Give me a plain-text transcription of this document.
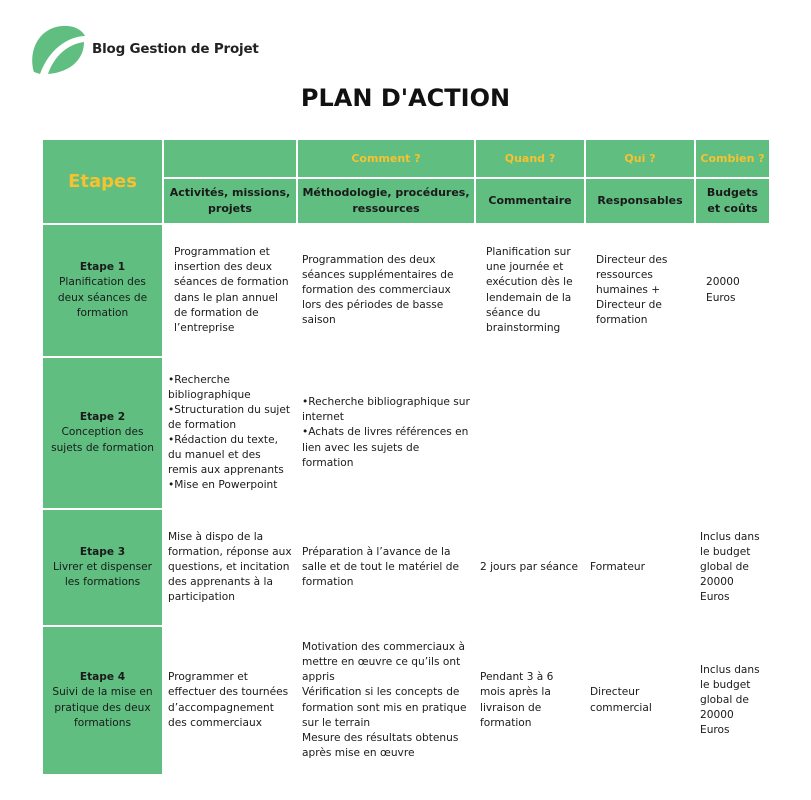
Blog Gestion de Projet
PLAN D'ACTION
Etapes		Comment ?	Quand ?	Qui ?	Combien ?
	Activités, missions, projets	Méthodologie, procédures, ressources	Commentaire	Responsables	Budgets et coûts

Etape 1
Planification des deux séances de formation	Programmation et insertion des deux séances de formation dans le plan annuel de formation de l’entreprise	Programmation des deux séances supplémentaires de formation des commerciaux lors des périodes de basse saison	Planification sur une journée et exécution dès le lendemain de la séance du brainstorming	Directeur des ressources humaines + Directeur de formation	20000 Euros

Etape 2
Conception des sujets de formation	•Recherche bibliographique
•Structuration du sujet de formation
•Rédaction du texte, du manuel et des remis aux apprenants
•Mise en Powerpoint	•Recherche bibliographique sur internet
•Achats de livres références en lien avec les sujets de formation			

Etape 3
Livrer et dispenser les formations	Mise à dispo de la formation, réponse aux questions, et incitation des apprenants à la participation	Préparation à l’avance de la salle et de tout le matériel de formation	2 jours par séance	Formateur	Inclus dans le budget global de 20000 Euros

Etape 4
Suivi de la mise en pratique des deux formations	Programmer et effectuer des tournées d’accompagnement des commerciaux	Motivation des commerciaux à mettre en œuvre ce qu’ils ont appris
Vérification si les concepts de formation sont mis en pratique sur le terrain
Mesure des résultats obtenus après mise en œuvre	Pendant 3 à 6 mois après la livraison de formation	Directeur commercial	Inclus dans le budget global de 20000 Euros
